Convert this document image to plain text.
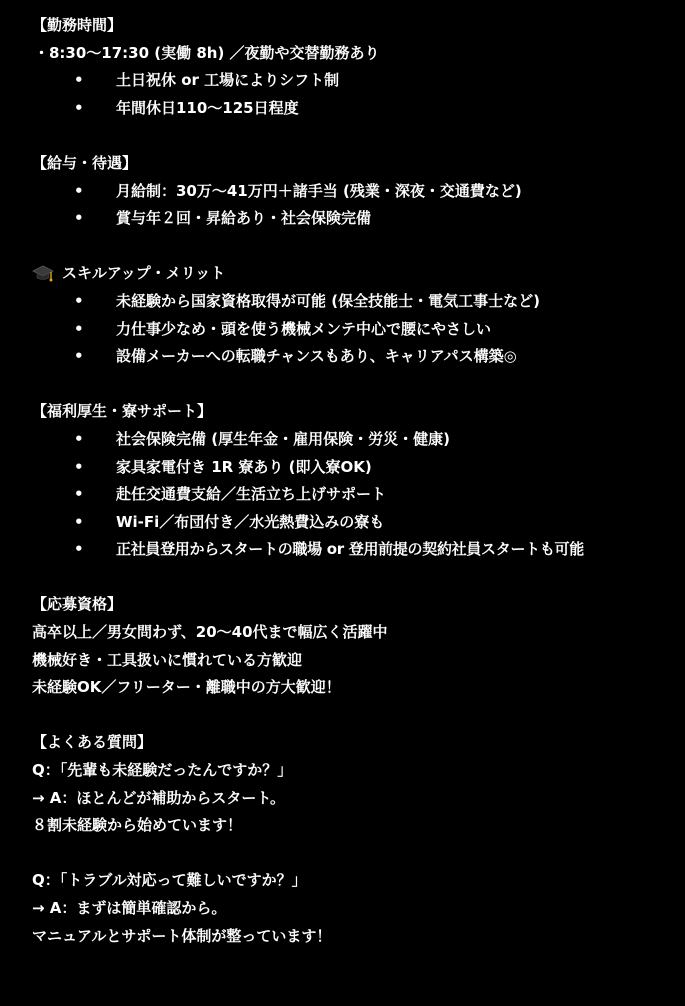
【勤務時間】
・8:30〜17:30 (実働 8h) ／夜勤や交替勤務あり
• 土日祝休 or 工場によりシフト制
• 年間休日110〜125日程度
【給与・待遇】
• 月給制：30万〜41万円＋諸手当 (残業・深夜・交通費など)
• 賞与年２回・昇給あり・社会保険完備
スキルアップ・メリット
• 未経験から国家資格取得が可能 (保全技能士・電気工事士など)
• 力仕事少なめ・頭を使う機械メンテ中心で腰にやさしい
• 設備メーカーへの転職チャンスもあり、キャリアパス構築◎
【福利厚生・寮サポート】
• 社会保険完備 (厚生年金・雇用保険・労災・健康)
• 家具家電付き 1R 寮あり (即入寮OK)
• 赴任交通費支給／生活立ち上げサポート
• Wi-Fi／布団付き／水光熱費込みの寮も
• 正社員登用からスタートの職場 or 登用前提の契約社員スタートも可能
【応募資格】
高卒以上／男女問わず、20〜40代まで幅広く活躍中
機械好き・工具扱いに慣れている方歓迎
未経験OK／フリーター・離職中の方大歓迎！
【よくある質問】
Q：「先輩も未経験だったんですか？」
→ A：ほとんどが補助からスタート。
８割未経験から始めています！
Q：「トラブル対応って難しいですか？」
→ A：まずは簡単確認から。
マニュアルとサポート体制が整っています！
